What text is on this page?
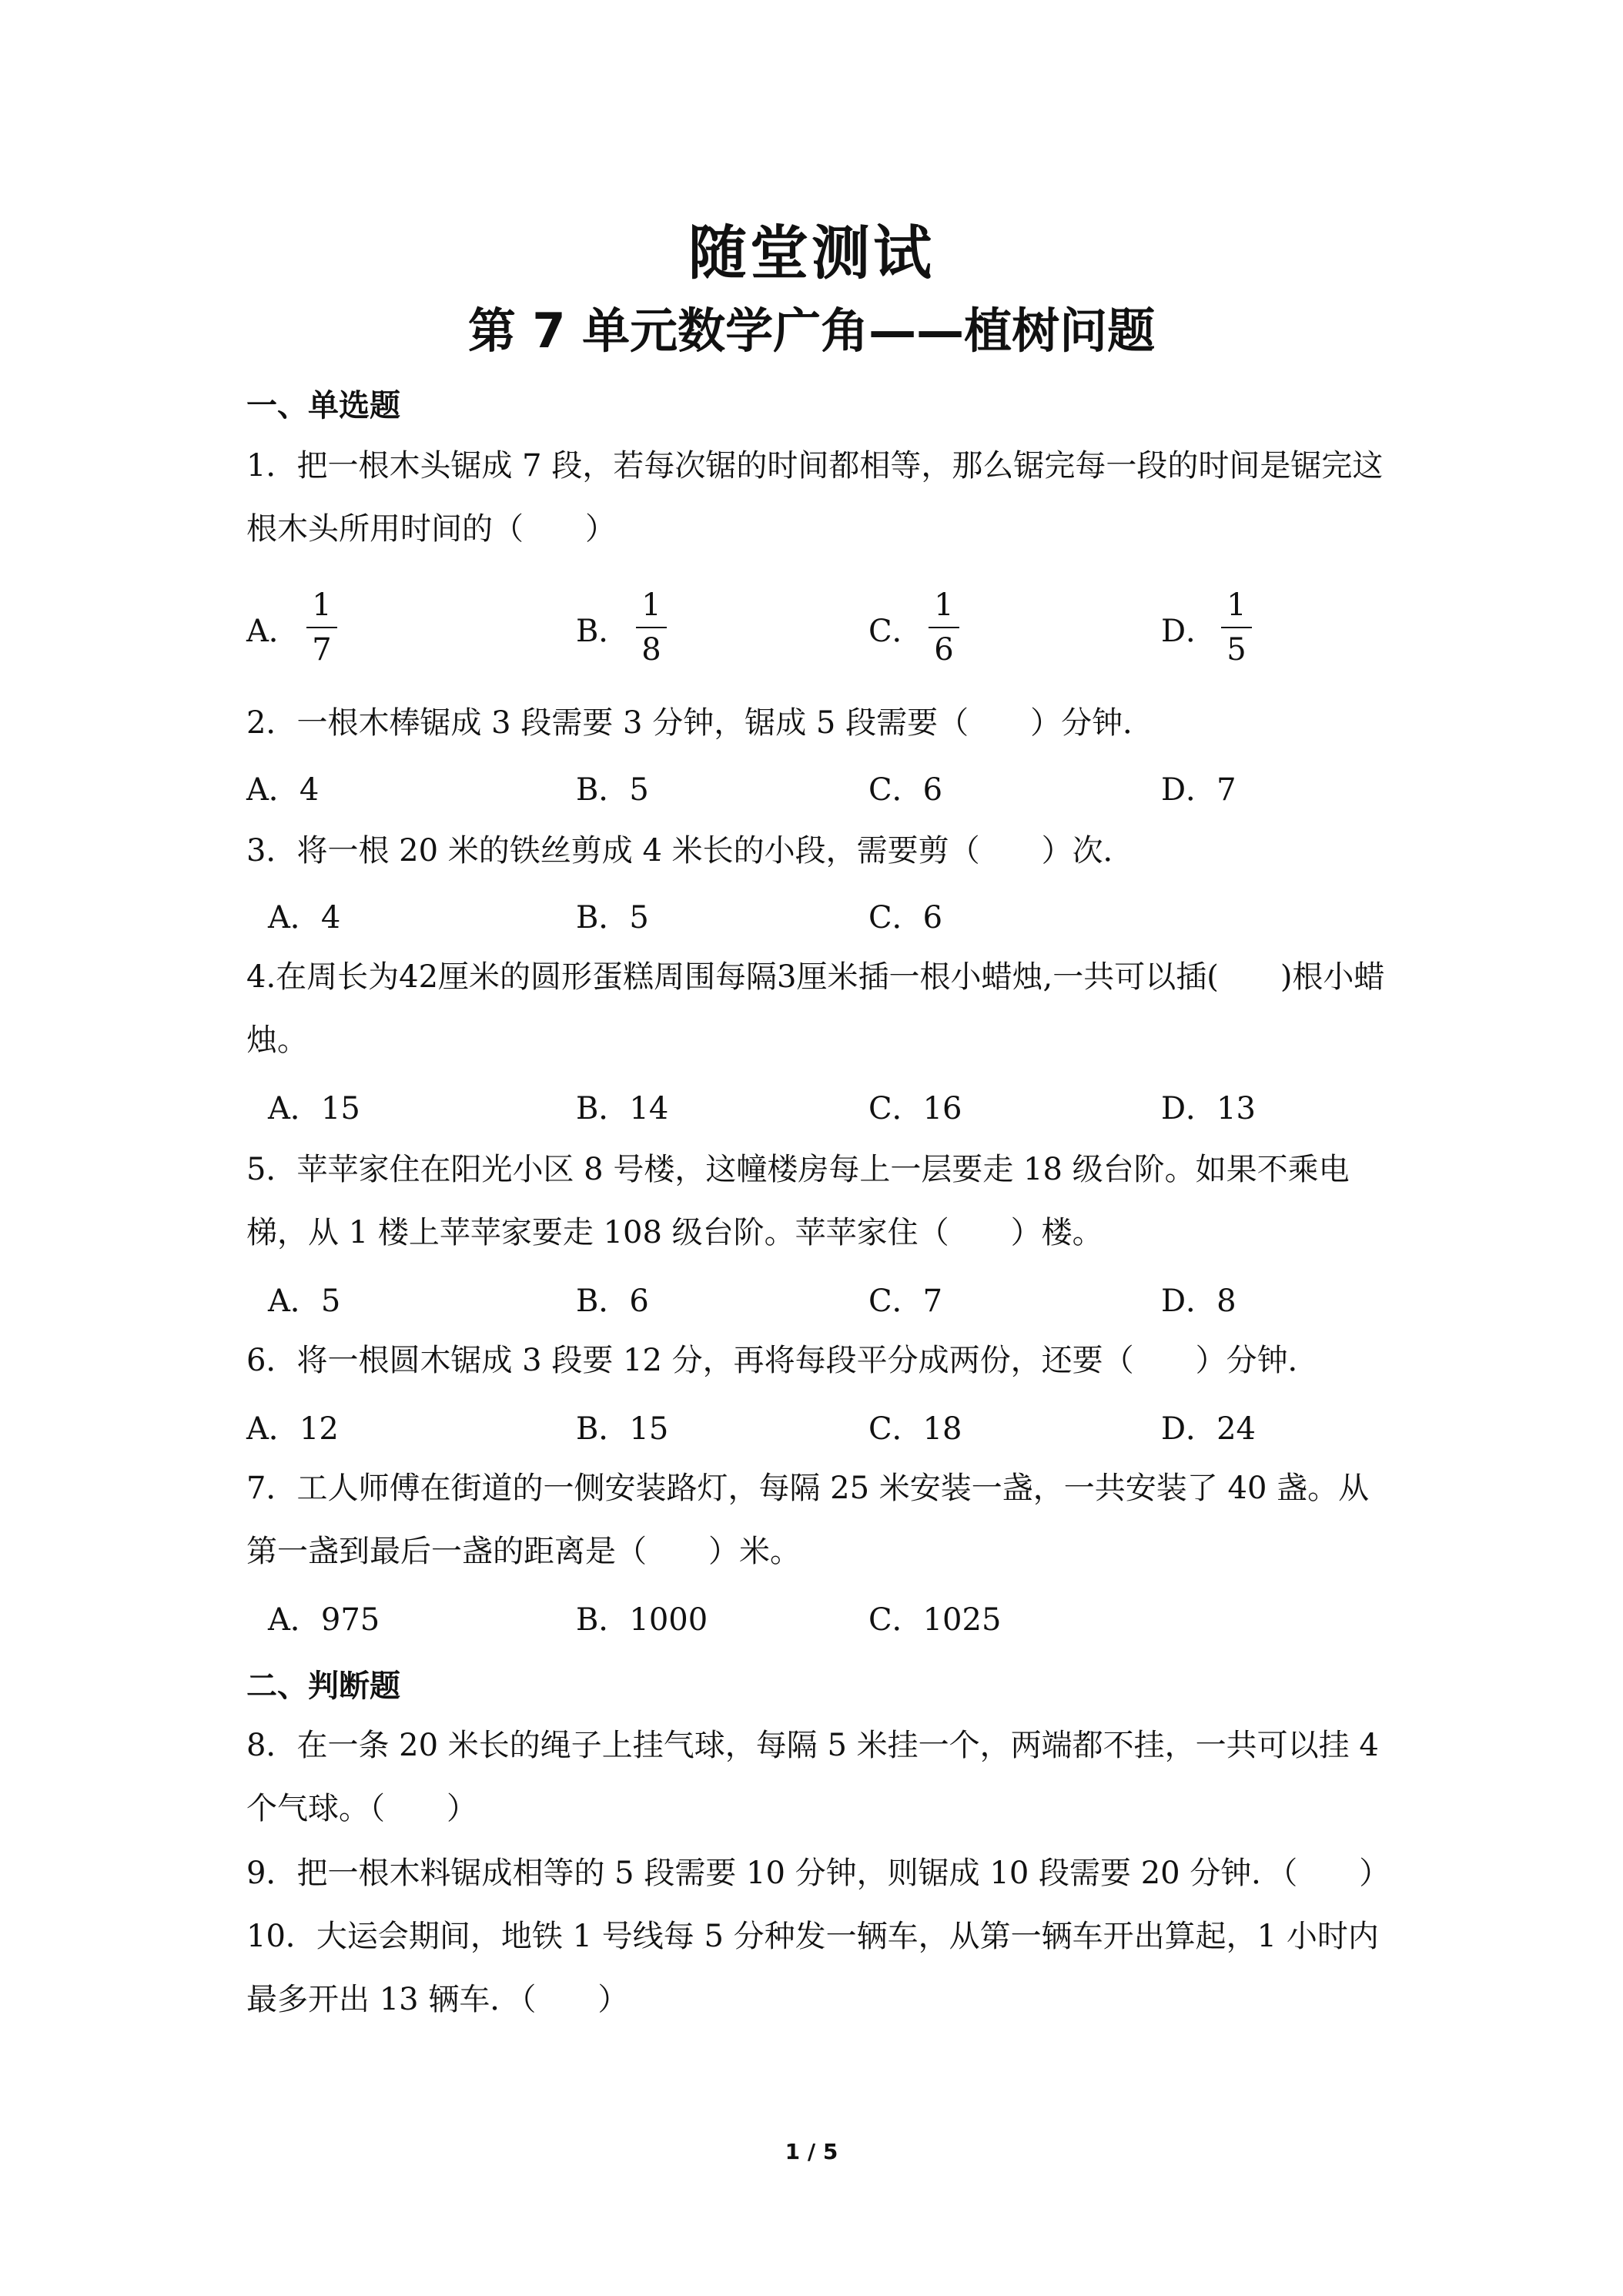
随堂测试
第 7 单元数学广角——植树问题
一、单选题
1．把一根木头锯成 7 段，若每次锯的时间都相等，那么锯完每一段的时间是锯完这根木头所用时间的（　　）
A．
1
7
B．
1
8
C．
1
6
D．
1
5
2．一根木棒锯成 3 段需要 3 分钟，锯成 5 段需要（　　）分钟．
A．4	B．5	C．6	D．7
3．将一根 20 米的铁丝剪成 4 米长的小段，需要剪（　　）次．
A．4	B．5	C．6
4.在周长为42厘米的圆形蛋糕周围每隔3厘米插一根小蜡烛,一共可以插(　　)根小蜡烛。
A．15	B．14	C．16	D．13
5．苹苹家住在阳光小区 8 号楼，这幢楼房每上一层要走 18 级台阶。如果不乘电梯，从 1 楼上苹苹家要走 108 级台阶。苹苹家住（　　）楼。
A．5	B．6	C．7	D．8
6．将一根圆木锯成 3 段要 12 分，再将每段平分成两份，还要（　　）分钟．
A．12	B．15	C．18	D．24
7．工人师傅在街道的一侧安装路灯，每隔 25 米安装一盏，一共安装了 40 盏。从第一盏到最后一盏的距离是（　　）米。
A．975	B．1000	C．1025
二、判断题
8．在一条 20 米长的绳子上挂气球，每隔 5 米挂一个，两端都不挂，一共可以挂 4 个气球。（　　）
9．把一根木料锯成相等的 5 段需要 10 分钟，则锯成 10 段需要 20 分钟．（　　）
10．大运会期间，地铁 1 号线每 5 分种发一辆车，从第一辆车开出算起，1 小时内最多开出 13 辆车．（　　）
1 / 5
